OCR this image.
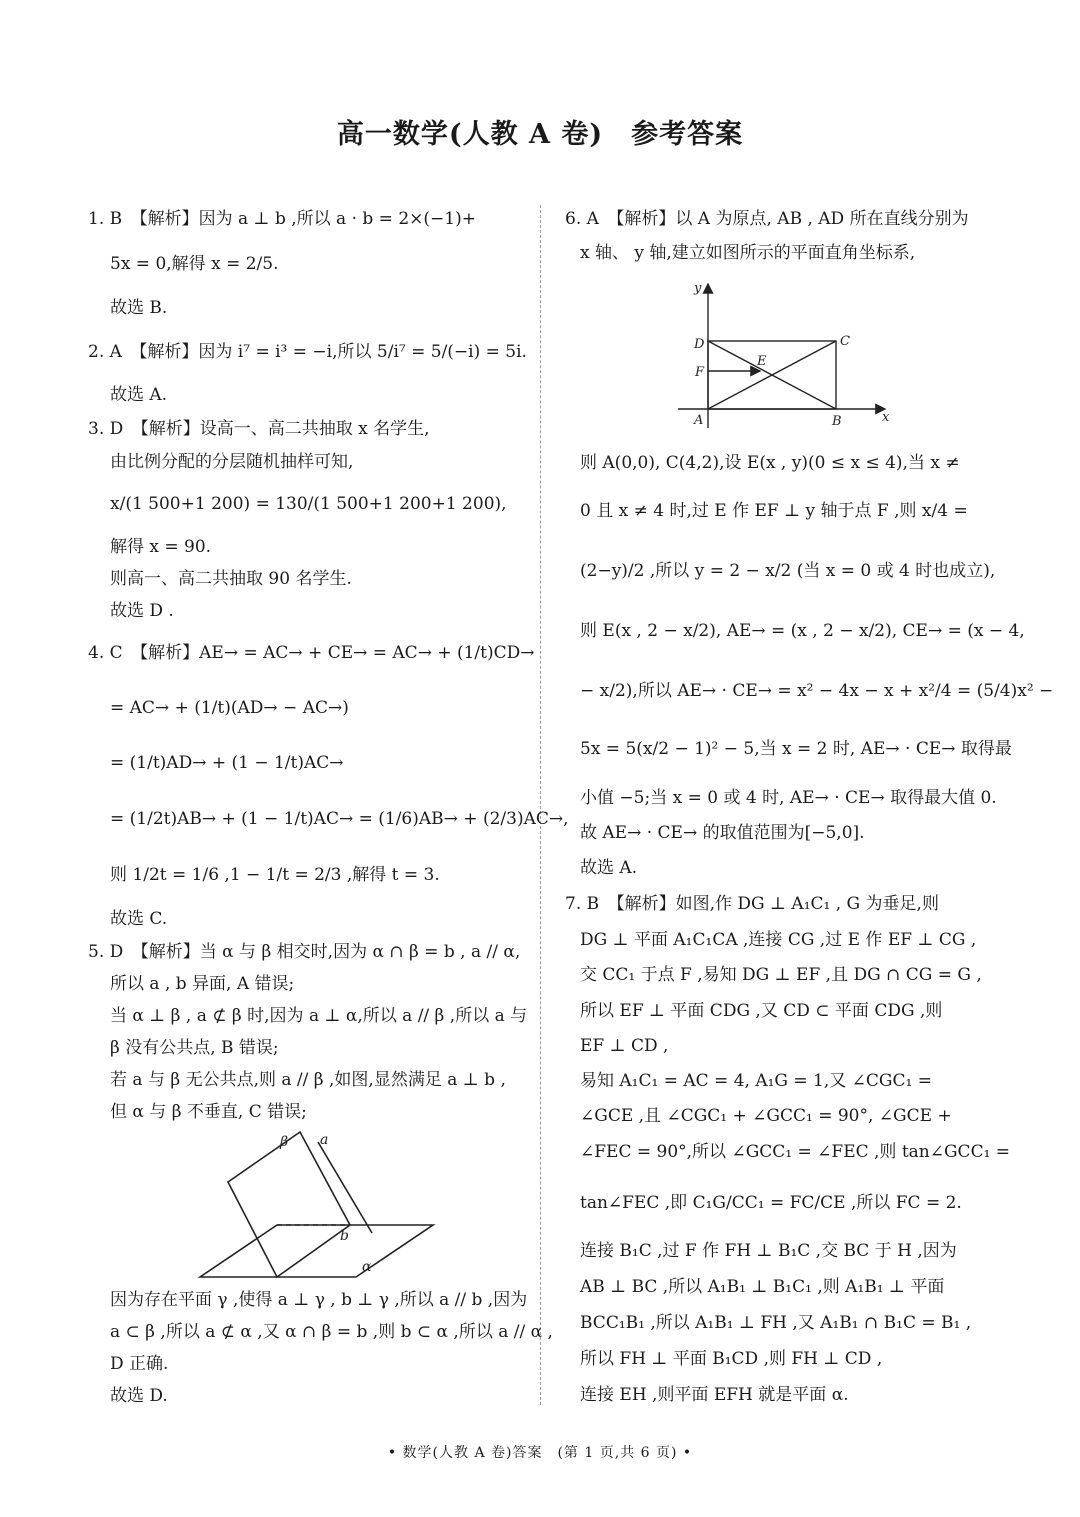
高一数学(人教 A 卷)　参考答案
1. B　【解析】因为 a ⊥ b ,所以 a · b = 2×(−1)+
5x = 0,解得 x = 2/5.
故选 B.
2. A　【解析】因为 i⁷ = i³ = −i,所以 5/i⁷ = 5/(−i) = 5i.
故选 A.
3. D　【解析】设高一、高二共抽取 x 名学生,
由比例分配的分层随机抽样可知,
x/(1 500+1 200) = 130/(1 500+1 200+1 200),
解得 x = 90.
则高一、高二共抽取 90 名学生.
故选 D .
4. C　【解析】AE→ = AC→ + CE→ = AC→ + (1/t)CD→
= AC→ + (1/t)(AD→ − AC→)
= (1/t)AD→ + (1 − 1/t)AC→
= (1/2t)AB→ + (1 − 1/t)AC→ = (1/6)AB→ + (2/3)AC→,
则 1/2t = 1/6 ,1 − 1/t = 2/3 ,解得 t = 3.
故选 C.
5. D　【解析】当 α 与 β 相交时,因为 α ∩ β = b , a // α,
所以 a , b 异面, A 错误;
当 α ⊥ β , a ⊄ β 时,因为 a ⊥ α,所以 a // β ,所以 a 与
β 没有公共点, B 错误;
若 a 与 β 无公共点,则 a // β ,如图,显然满足 a ⊥ b ,
但 α 与 β 不垂直, C 错误;
因为存在平面 γ ,使得 a ⊥ γ , b ⊥ γ ,所以 a // b ,因为
a ⊂ β ,所以 a ⊄ α ,又 α ∩ β = b ,则 b ⊂ α ,所以 a // α ,
D 正确.
故选 D.
β a
b
α
6. A　【解析】以 A 为原点, AB , AD 所在直线分别为
x 轴、 y 轴,建立如图所示的平面直角坐标系,
则 A(0,0), C(4,2),设 E(x , y)(0 ≤ x ≤ 4),当 x ≠
0 且 x ≠ 4 时,过 E 作 EF ⊥ y 轴于点 F ,则 x/4 =
(2−y)/2 ,所以 y = 2 − x/2 (当 x = 0 或 4 时也成立),
则 E(x , 2 − x/2), AE→ = (x , 2 − x/2), CE→ = (x − 4,
− x/2),所以 AE→ · CE→ = x² − 4x − x + x²/4 = (5/4)x² −
5x = 5(x/2 − 1)² − 5,当 x = 2 时, AE→ · CE→ 取得最
小值 −5;当 x = 0 或 4 时, AE→ · CE→ 取得最大值 0.
故 AE→ · CE→ 的取值范围为[−5,0].
故选 A.
7. B　【解析】如图,作 DG ⊥ A₁C₁ , G 为垂足,则
DG ⊥ 平面 A₁C₁CA ,连接 CG ,过 E 作 EF ⊥ CG ,
交 CC₁ 于点 F ,易知 DG ⊥ EF ,且 DG ∩ CG = G ,
所以 EF ⊥ 平面 CDG ,又 CD ⊂ 平面 CDG ,则
EF ⊥ CD ,
易知 A₁C₁ = AC = 4, A₁G = 1,又 ∠CGC₁ =
∠GCE ,且 ∠CGC₁ + ∠GCC₁ = 90°, ∠GCE +
∠FEC = 90°,所以 ∠GCC₁ = ∠FEC ,则 tan∠GCC₁ =
tan∠FEC ,即 C₁G/CC₁ = FC/CE ,所以 FC = 2.
连接 B₁C ,过 F 作 FH ⊥ B₁C ,交 BC 于 H ,因为
AB ⊥ BC ,所以 A₁B₁ ⊥ B₁C₁ ,则 A₁B₁ ⊥ 平面
BCC₁B₁ ,所以 A₁B₁ ⊥ FH ,又 A₁B₁ ∩ B₁C = B₁ ,
所以 FH ⊥ 平面 B₁CD ,则 FH ⊥ CD ,
连接 EH ,则平面 EFH 就是平面 α.
y
x
D	C
E
F
A	B
• 数学(人教 A 卷)答案　(第 1 页,共 6 页) •
